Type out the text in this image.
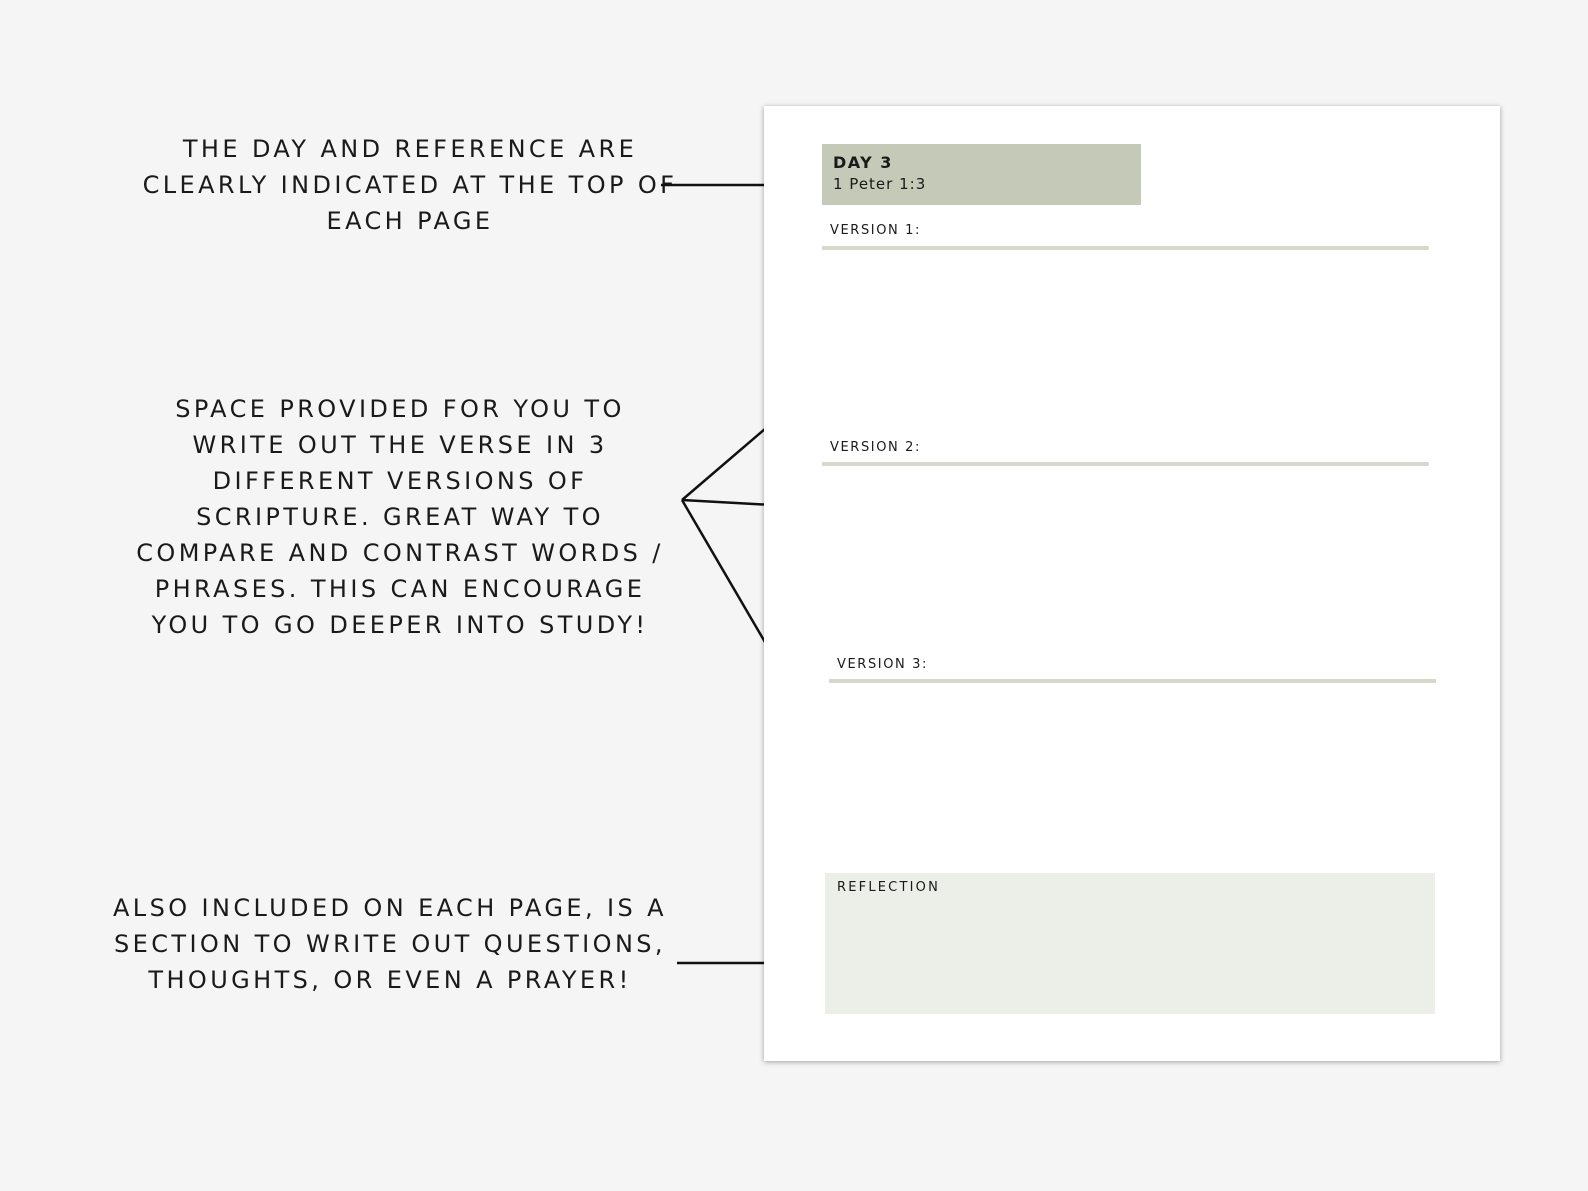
THE DAY AND REFERENCE ARE CLEARLY INDICATED AT THE TOP OF EACH PAGE
SPACE PROVIDED FOR YOU TO WRITE OUT THE VERSE IN 3 DIFFERENT VERSIONS OF SCRIPTURE. GREAT WAY TO COMPARE AND CONTRAST WORDS / PHRASES. THIS CAN ENCOURAGE YOU TO GO DEEPER INTO STUDY!
ALSO INCLUDED ON EACH PAGE, IS A SECTION TO WRITE OUT QUESTIONS, THOUGHTS, OR EVEN A PRAYER!
DAY 3
1 Peter 1:3
VERSION 1:
VERSION 2:
VERSION 3:
REFLECTION
